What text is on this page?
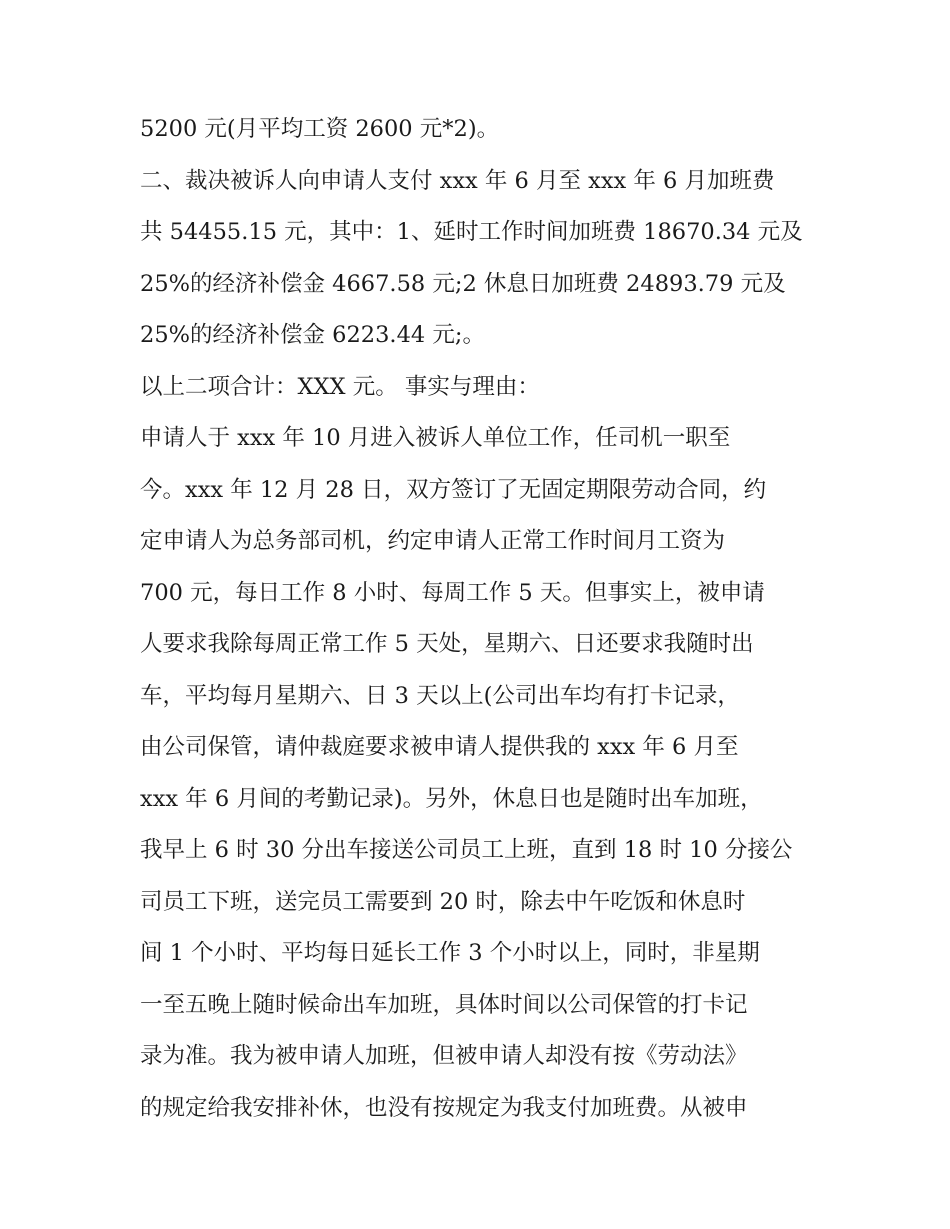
5200 元(月平均工资 2600 元*2)。
二、裁决被诉人向申请人支付 xxx 年 6 月至 xxx 年 6 月加班费
共 54455.15 元，其中：1、延时工作时间加班费 18670.34 元及
25%的经济补偿金 4667.58 元;2 休息日加班费 24893.79 元及
25%的经济补偿金 6223.44 元;。
以上二项合计：XXX 元。 事实与理由：
申请人于 xxx 年 10 月进入被诉人单位工作，任司机一职至
今。xxx 年 12 月 28 日，双方签订了无固定期限劳动合同，约
定申请人为总务部司机，约定申请人正常工作时间月工资为
700 元，每日工作 8 小时、每周工作 5 天。但事实上，被申请
人要求我除每周正常工作 5 天处，星期六、日还要求我随时出
车，平均每月星期六、日 3 天以上(公司出车均有打卡记录，
由公司保管，请仲裁庭要求被申请人提供我的 xxx 年 6 月至
xxx 年 6 月间的考勤记录)。另外，休息日也是随时出车加班，
我早上 6 时 30 分出车接送公司员工上班，直到 18 时 10 分接公
司员工下班，送完员工需要到 20 时，除去中午吃饭和休息时
间 1 个小时、平均每日延长工作 3 个小时以上，同时，非星期
一至五晚上随时候命出车加班，具体时间以公司保管的打卡记
录为准。我为被申请人加班，但被申请人却没有按《劳动法》
的规定给我安排补休，也没有按规定为我支付加班费。从被申
